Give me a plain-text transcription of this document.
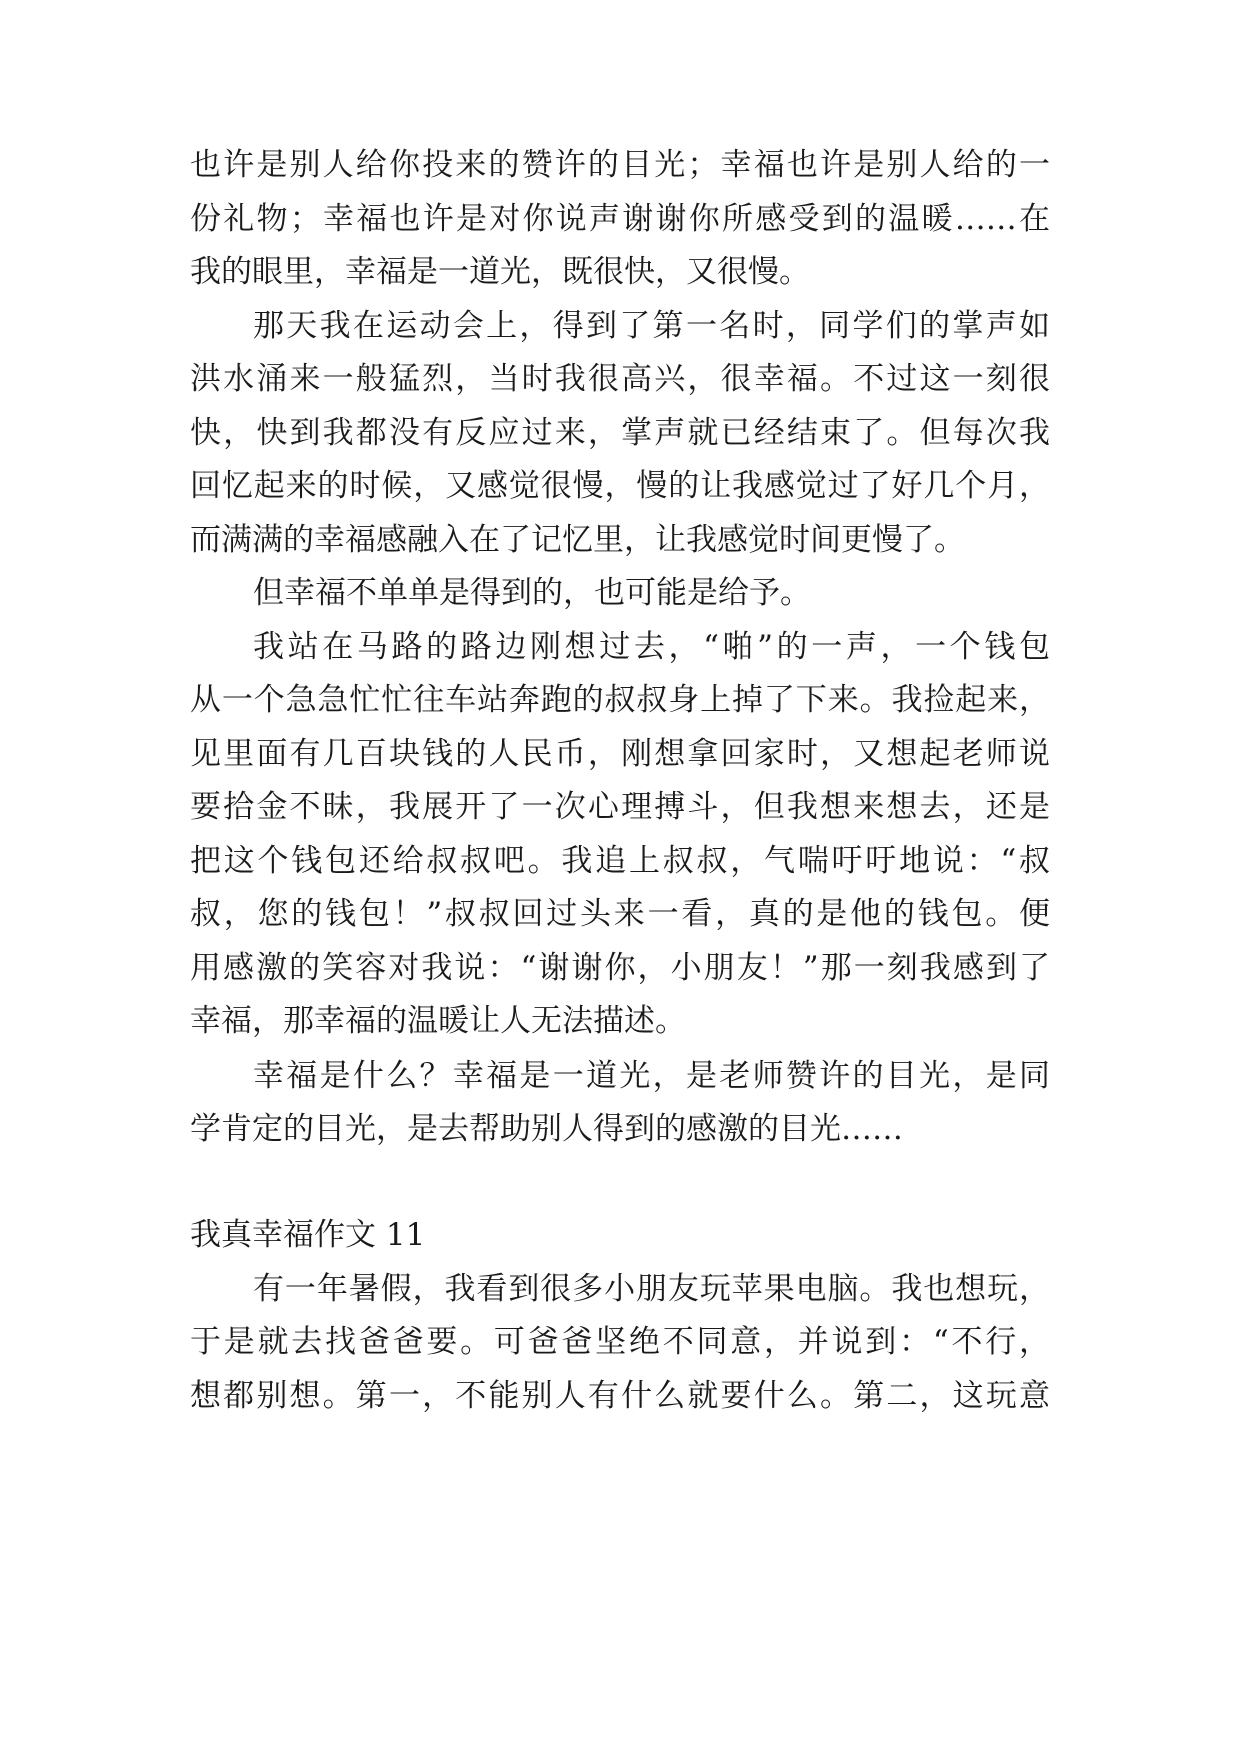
也许是别人给你投来的赞许的目光；幸福也许是别人给的一
份礼物；幸福也许是对你说声谢谢你所感受到的温暖……在
我的眼里，幸福是一道光，既很快，又很慢。
那天我在运动会上，得到了第一名时，同学们的掌声如
洪水涌来一般猛烈，当时我很高兴，很幸福。不过这一刻很
快，快到我都没有反应过来，掌声就已经结束了。但每次我
回忆起来的时候，又感觉很慢，慢的让我感觉过了好几个月，
而满满的幸福感融入在了记忆里，让我感觉时间更慢了。
但幸福不单单是得到的，也可能是给予。
我站在马路的路边刚想过去，“啪”的一声，一个钱包
从一个急急忙忙往车站奔跑的叔叔身上掉了下来。我捡起来，
见里面有几百块钱的人民币，刚想拿回家时，又想起老师说
要拾金不昧，我展开了一次心理搏斗，但我想来想去，还是
把这个钱包还给叔叔吧。我追上叔叔，气喘吁吁地说：“叔
叔，您的钱包！”叔叔回过头来一看，真的是他的钱包。便
用感激的笑容对我说：“谢谢你，小朋友！”那一刻我感到了
幸福，那幸福的温暖让人无法描述。
幸福是什么？幸福是一道光，是老师赞许的目光，是同
学肯定的目光，是去帮助别人得到的感激的目光……
我真幸福作文 11
有一年暑假，我看到很多小朋友玩苹果电脑。我也想玩，
于是就去找爸爸要。可爸爸坚绝不同意，并说到：“不行，
想都别想。第一，不能别人有什么就要什么。第二，这玩意
